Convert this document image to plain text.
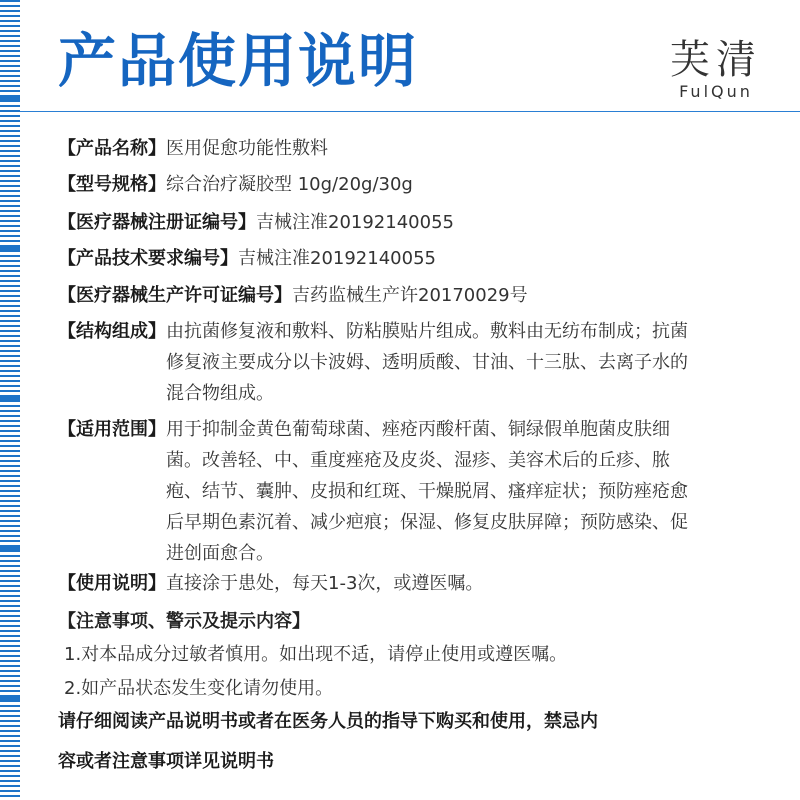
产品使用说明	芙清
FulQun
【产品名称】医用促愈功能性敷料
【型号规格】综合治疗凝胶型 10g/20g/30g
【医疗器械注册证编号】吉械注准20192140055
【产品技术要求编号】吉械注准20192140055
【医疗器械生产许可证编号】吉药监械生产许20170029号
【结构组成】 由抗菌修复液和敷料、防粘膜贴片组成。敷料由无纺布制成；抗菌修复液主要成分以卡波姆、透明质酸、甘油、十三肽、去离子水的混合物组成。
【适用范围】 用于抑制金黄色葡萄球菌、痤疮丙酸杆菌、铜绿假单胞菌皮肤细菌。改善轻、中、重度痤疮及皮炎、湿疹、美容术后的丘疹、脓疱、结节、囊肿、皮损和红斑、干燥脱屑、瘙痒症状；预防痤疮愈后早期色素沉着、减少疤痕；保湿、修复皮肤屏障；预防感染、促进创面愈合。
【使用说明】直接涂于患处，每天1-3次，或遵医嘱。
【注意事项、警示及提示内容】
1.对本品成分过敏者慎用。如出现不适，请停止使用或遵医嘱。
2.如产品状态发生变化请勿使用。
请仔细阅读产品说明书或者在医务人员的指导下购买和使用，禁忌内容或者注意事项详见说明书
